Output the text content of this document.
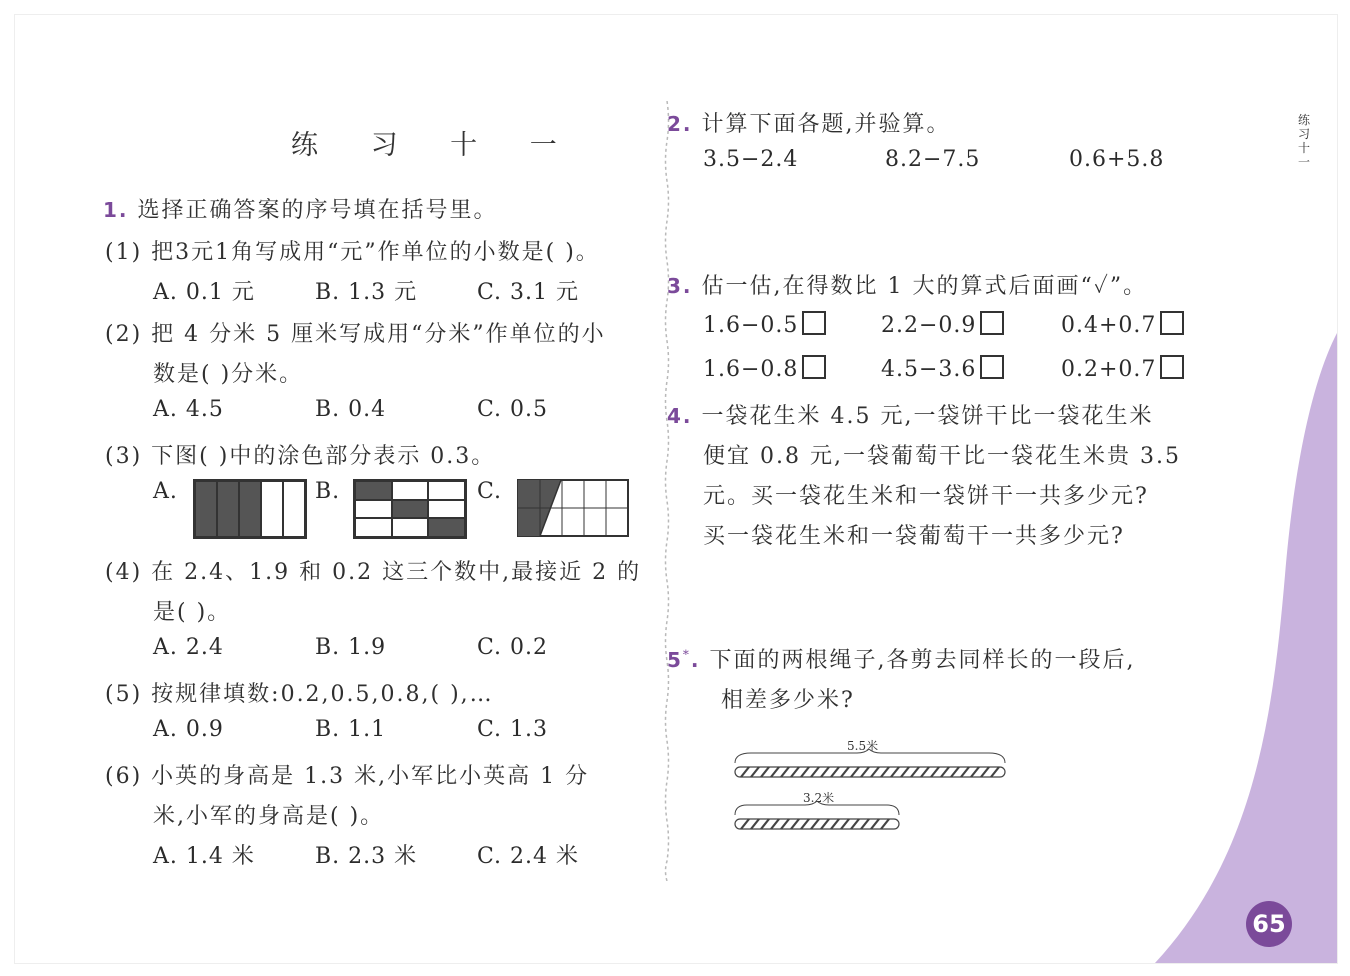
练 习 十 一
1. 选择正确答案的序号填在括号里。
(1) 把3元1角写成用“元”作单位的小数是( )。
A. 0.1 元	B. 1.3 元	C. 3.1 元
(2) 把 4 分米 5 厘米写成用“分米”作单位的小
数是( )分米。
A. 4.5	B. 0.4	C. 0.5
(3) 下图( )中的涂色部分表示 0.3。
A.	B.	C.
(4) 在 2.4、1.9 和 0.2 这三个数中,最接近 2 的
是( )。
A. 2.4	B. 1.9	C. 0.2
(5) 按规律填数:0.2,0.5,0.8,( ),…
A. 0.9	B. 1.1	C. 1.3
(6) 小英的身高是 1.3 米,小军比小英高 1 分
米,小军的身高是( )。
A. 1.4 米	B. 2.3 米	C. 2.4 米
2. 计算下面各题,并验算。
3.5−2.4	8.2−7.5	0.6+5.8
3. 估一估,在得数比 1 大的算式后面画“✓”。
1.6−0.5	2.2−0.9	0.4+0.7
1.6−0.8	4.5−3.6	0.2+0.7
4. 一袋花生米 4.5 元,一袋饼干比一袋花生米
便宜 0.8 元,一袋葡萄干比一袋花生米贵 3.5
元。买一袋花生米和一袋饼干一共多少元?
买一袋花生米和一袋葡萄干一共多少元?
5*. 下面的两根绳子,各剪去同样长的一段后,
相差多少米?
5.5米
3.2米
练习十一
65
